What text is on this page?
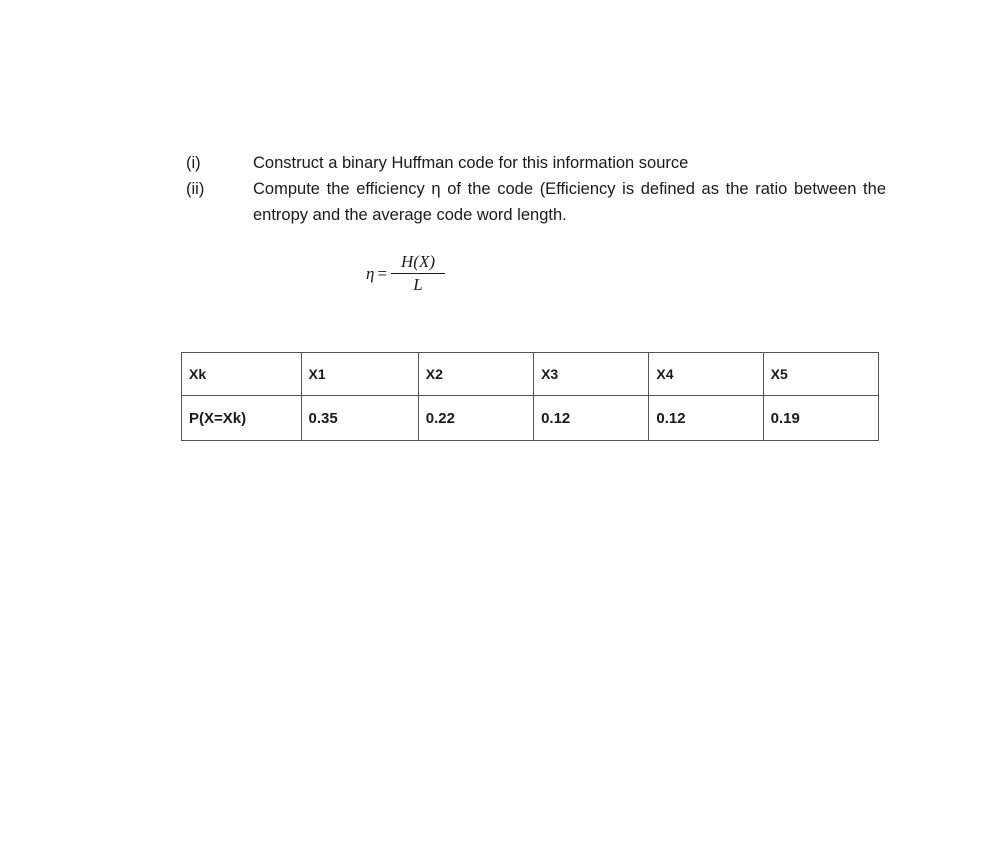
(i)	Construct a binary Huffman code for this information source
(ii)	Compute the efficiency η of the code (Efficiency is defined as the ratio between the entropy and the average code word length.
$\eta = \frac{H(X)}{L}$
Xk	X1	X2	X3	X4	X5
P(X=Xk)	0.35	0.22	0.12	0.12	0.19
